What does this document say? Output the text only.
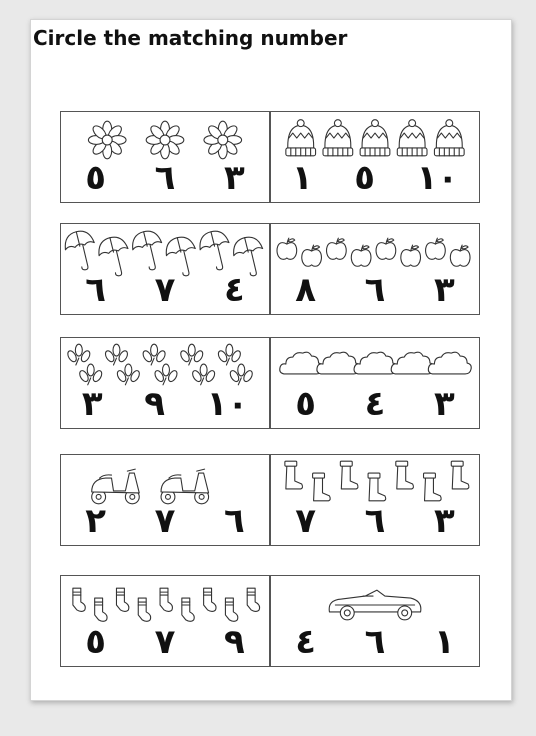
Circle the matching number
٥ ٦ ٣ ١ ٥ ١٠
٦ ٧ ٤ ٨ ٦ ٣
٣ ٩ ١٠ ٥ ٤ ٣
٢ ٧ ٦ ٧ ٦ ٣
٥ ٧ ٩ ٤ ٦ ١
